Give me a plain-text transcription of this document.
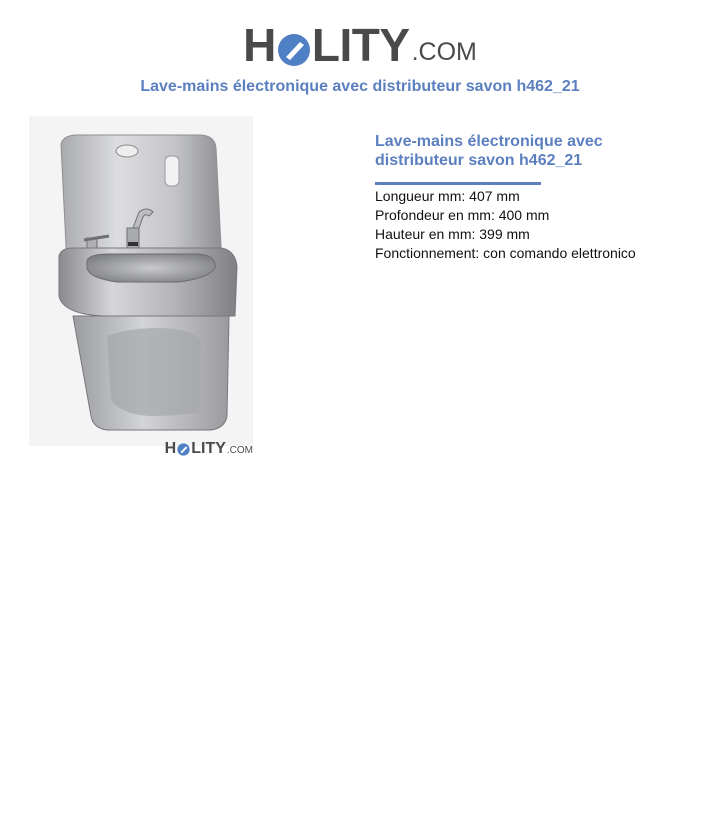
H LITY .COM
Lave-mains électronique avec distributeur savon h462_21
H LITY .COM
Lave-mains électronique avec distributeur savon h462_21
Longueur mm: 407 mm
Profondeur en mm: 400 mm
Hauteur en mm: 399 mm
Fonctionnement: con comando elettronico
